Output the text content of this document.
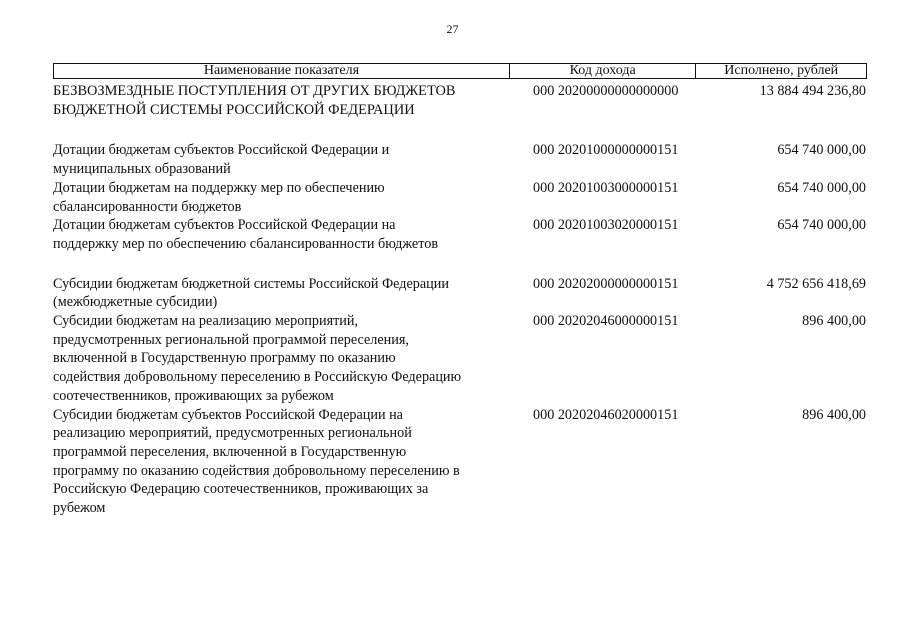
27
Наименование показателя	Код дохода	Исполнено, рублей
БЕЗВОЗМЕЗДНЫЕ ПОСТУПЛЕНИЯ ОТ ДРУГИХ БЮДЖЕТОВ
БЮДЖЕТНОЙ СИСТЕМЫ РОССИЙСКОЙ ФЕДЕРАЦИИ
000 20200000000000000	13 884 494 236,80
Дотации бюджетам субъектов Российской Федерации и
муниципальных образований
000 20201000000000151	654 740 000,00
Дотации бюджетам на поддержку мер по обеспечению
сбалансированности бюджетов
000 20201003000000151	654 740 000,00
Дотации бюджетам субъектов Российской Федерации на
поддержку мер по обеспечению сбалансированности бюджетов
000 20201003020000151	654 740 000,00
Субсидии бюджетам бюджетной системы Российской Федерации
(межбюджетные субсидии)
000 20202000000000151	4 752 656 418,69
Субсидии бюджетам на реализацию мероприятий,
предусмотренных региональной программой переселения,
включенной в Государственную программу по оказанию
содействия добровольному переселению в Российскую Федерацию
соотечественников, проживающих за рубежом
000 20202046000000151	896 400,00
Субсидии бюджетам субъектов Российской Федерации на
реализацию мероприятий, предусмотренных региональной
программой переселения, включенной в Государственную
программу по оказанию содействия добровольному переселению в
Российскую Федерацию соотечественников, проживающих за
рубежом
000 20202046020000151	896 400,00
